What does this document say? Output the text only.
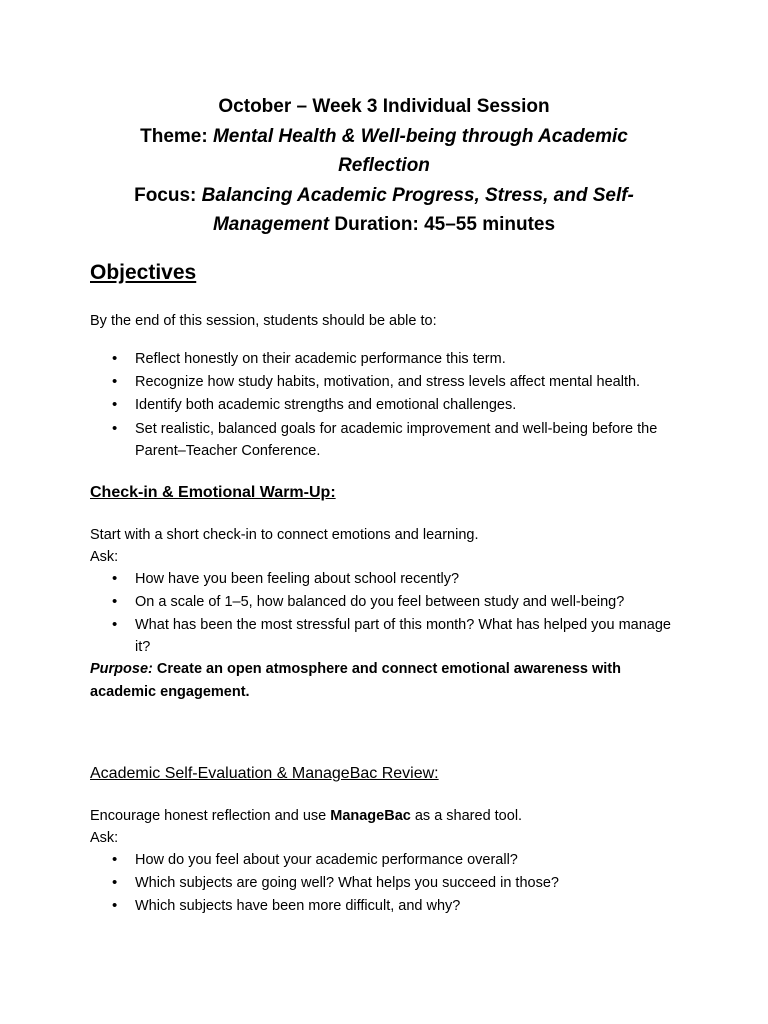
October – Week 3 Individual Session
Theme: Mental Health & Well-being through Academic
Reflection
Focus: Balancing Academic Progress, Stress, and Self-
Management Duration: 45–55 minutes
Objectives

By the end of this session, students should be able to:

• Reflect honestly on their academic performance this term.
• Recognize how study habits, motivation, and stress levels affect mental health.
• Identify both academic strengths and emotional challenges.
• Set realistic, balanced goals for academic improvement and well-being before the Parent–Teacher Conference.
Check-in & Emotional Warm-Up:

Start with a short check-in to connect emotions and learning.

Ask:

• How have you been feeling about school recently?
• On a scale of 1–5, how balanced do you feel between study and well-being?
• What has been the most stressful part of this month? What has helped you manage it?

Purpose: Create an open atmosphere and connect emotional awareness with academic engagement.

Academic Self-Evaluation & ManageBac Review:

Encourage honest reflection and use ManageBac as a shared tool.

Ask:

• How do you feel about your academic performance overall?
• Which subjects are going well? What helps you succeed in those?
• Which subjects have been more difficult, and why?
